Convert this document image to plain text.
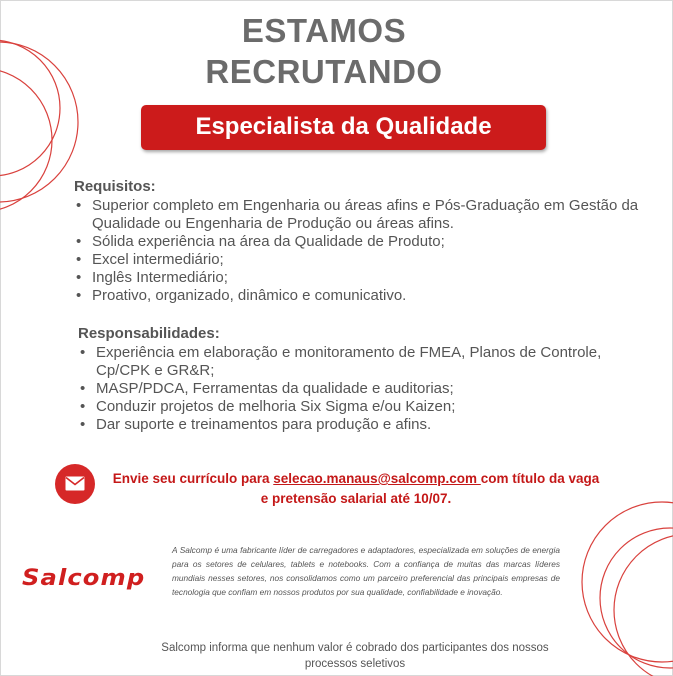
ESTAMOS
RECRUTANDO
Especialista da Qualidade
Requisitos:
• Superior completo em Engenharia ou áreas afins e Pós-Graduação em Gestão da Qualidade ou Engenharia de Produção ou áreas afins.
• Sólida experiência na área da Qualidade de Produto;
• Excel intermediário;
• Inglês Intermediário;
• Proativo, organizado, dinâmico e comunicativo.
Responsabilidades:
• Experiência em elaboração e monitoramento de FMEA, Planos de Controle, Cp/CPK e GR&R;
• MASP/PDCA, Ferramentas da qualidade e auditorias;
• Conduzir projetos de melhoria Six Sigma e/ou Kaizen;
• Dar suporte e treinamentos para produção e afins.
Envie seu currículo para selecao.manaus@salcomp.com com título da vaga
e pretensão salarial até 10/07.
Salcomp
A Salcomp é uma fabricante líder de carregadores e adaptadores, especializada em soluções de energia para os setores de celulares, tablets e notebooks. Com a confiança de muitas das marcas líderes mundiais nesses setores, nos consolidamos como um parceiro preferencial das principais empresas de tecnologia que confiam em nossos produtos por sua qualidade, confiabilidade e inovação.
Salcomp informa que nenhum valor é cobrado dos participantes dos nossos processos seletivos
